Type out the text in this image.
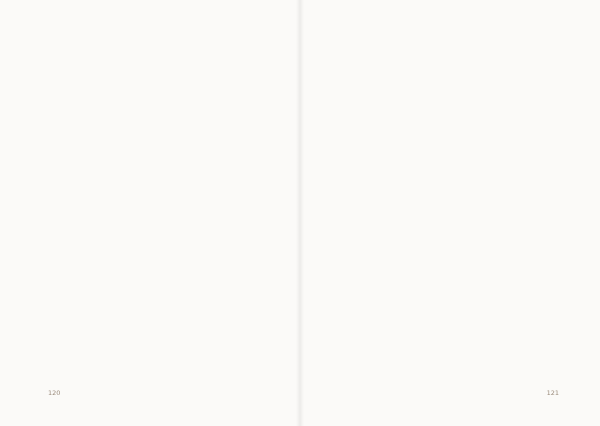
120	121
